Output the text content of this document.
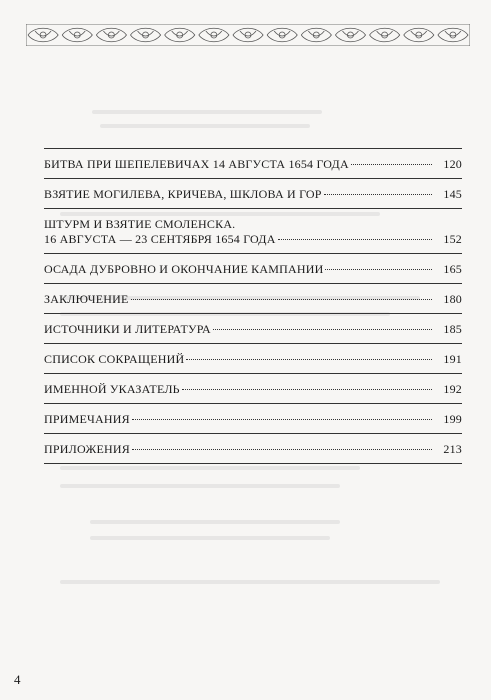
БИТВА ПРИ ШЕПЕЛЕВИЧАХ 14 АВГУСТА 1654 ГОДА	120
ВЗЯТИЕ МОГИЛЕВА, КРИЧЕВА, ШКЛОВА И ГОР	145
ШТУРМ И ВЗЯТИЕ СМОЛЕНСКА.
16 АВГУСТА — 23 СЕНТЯБРЯ 1654 ГОДА	152
ОСАДА ДУБРОВНО И ОКОНЧАНИЕ КАМПАНИИ	165
ЗАКЛЮЧЕНИЕ	180
ИСТОЧНИКИ И ЛИТЕРАТУРА	185
СПИСОК СОКРАЩЕНИЙ	191
ИМЕННОЙ УКАЗАТЕЛЬ	192
ПРИМЕЧАНИЯ	199
ПРИЛОЖЕНИЯ	213
4
